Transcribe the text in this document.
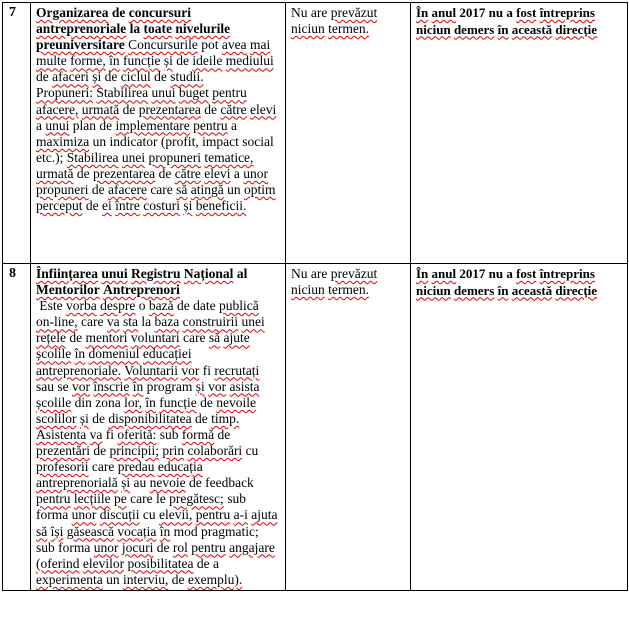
7	Organizarea de concursuri antreprenoriale la toate nivelurile preuniversitare Concursurile pot avea mai multe forme, în funcție și de ideile mediului de afaceri și de ciclul de studii.
Propuneri: Stabilirea unui buget pentru afacere, urmată de prezentarea de către elevi a unui plan de implementare pentru a maximiza un indicator (profit, impact social etc.); Stabilirea unei propuneri tematice, urmată de prezentarea de către elevi a unor propuneri de afacere care să atingă un optim perceput de ei între costuri și beneficii.	Nu are prevăzut niciun termen.	În anul 2017 nu a fost întreprins niciun demers în această direcție

8	Înființarea unui Registru Național al Mentorilor Antreprenori
Este vorba despre o bază de date publică on-line, care va sta la baza construirii unei rețele de mentori voluntari care să ajute școlile în domeniul educației antreprenoriale. Voluntarii vor fi recrutați sau se vor înscrie în program și vor asista școlile din zona lor, în funcție de nevoile scolilor și de disponibilitatea de timp. Asistenta va fi oferită: sub formă de prezentări de principii; prin colaborări cu profesorii care predau educația antreprenorială și au nevoie de feedback pentru lecțiile pe care le pregătesc; sub forma unor discuții cu elevii, pentru a-i ajuta să își găsească vocația în mod pragmatic; sub forma unor jocuri de rol pentru angajare (oferind elevilor posibilitatea de a experimenta un interviu, de exemplu).	Nu are prevăzut niciun termen.	În anul 2017 nu a fost întreprins niciun demers în această direcție
